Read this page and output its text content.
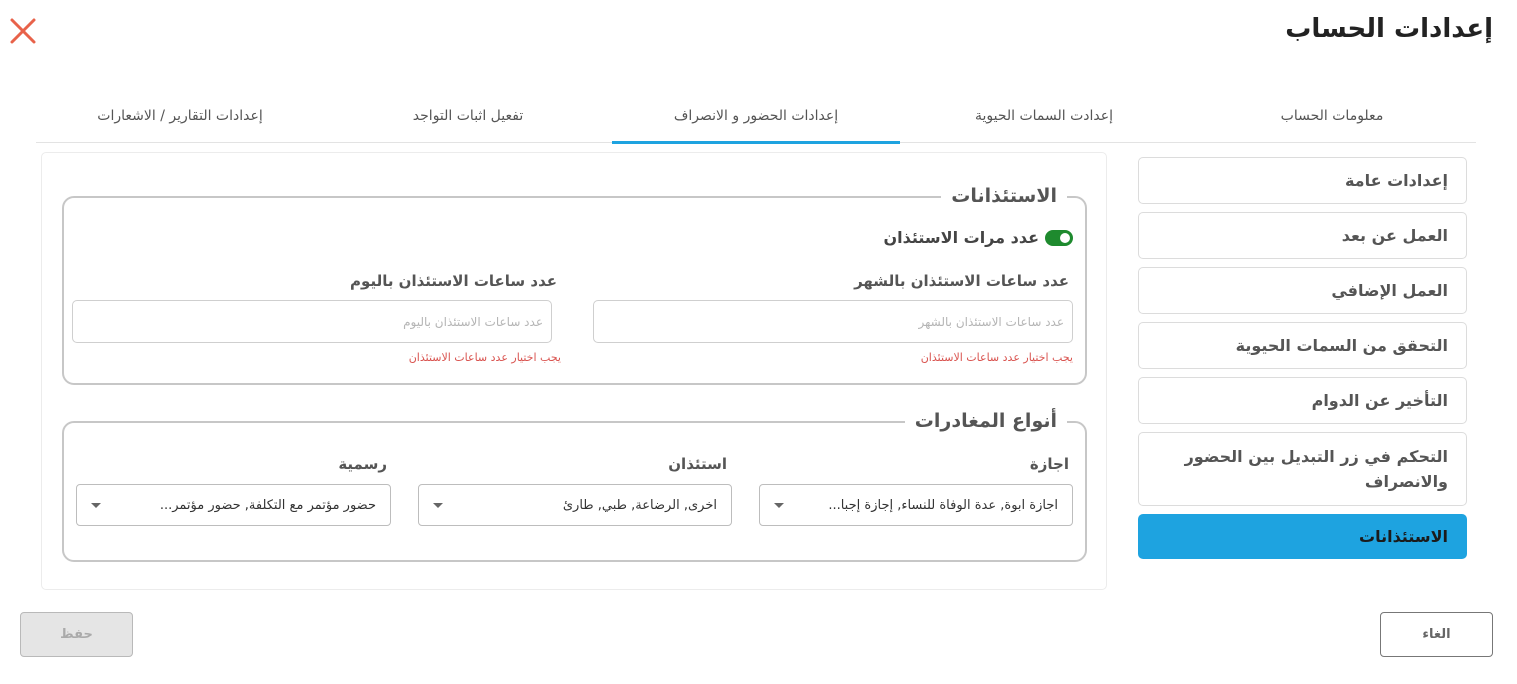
إعدادات الحساب
معلومات الحساب
إعدادت السمات الحيوية
إعدادات الحضور و الانصراف
تفعيل اثبات التواجد
إعدادات التقارير / الاشعارات
إعدادات عامة
العمل عن بعد
العمل الإضافي
التحقق من السمات الحيوية
التأخير عن الدوام
التحكم في زر التبديل بين الحضور والانصراف
الاستئذانات
الاستئذانات
عدد مرات الاستئذان
عدد ساعات الاستئذان بالشهر
عدد ساعات الاستئذان بالشهر
يجب اختيار عدد ساعات الاستئذان
عدد ساعات الاستئذان باليوم
عدد ساعات الاستئذان باليوم
يجب اختيار عدد ساعات الاستئذان
أنواع المغادرات
اجازة
اجازة ابوة, عدة الوفاة للنساء, إجازة إجبا...
استئذان
اخرى, الرضاعة, طبي, طارئ
رسمية
حضور مؤتمر مع التكلفة, حضور مؤتمر...
حفظ	الغاء
